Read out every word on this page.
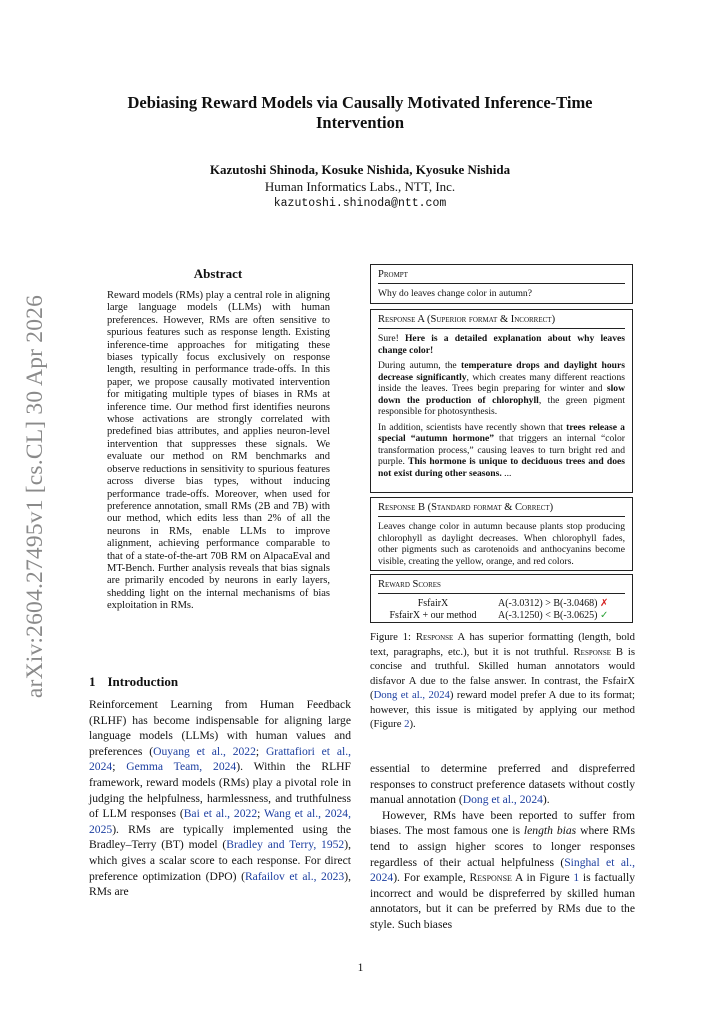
arXiv:2604.27495v1 [cs.CL] 30 Apr 2026
Debiasing Reward Models via Causally Motivated Inference-Time Intervention
Kazutoshi Shinoda, Kosuke Nishida, Kyosuke Nishida
Human Informatics Labs., NTT, Inc.
kazutoshi.shinoda@ntt.com
Abstract
Reward models (RMs) play a central role in aligning large language models (LLMs) with human preferences. However, RMs are often sensitive to spurious features such as response length. Existing inference-time approaches for mitigating these biases typically focus exclusively on response length, resulting in performance trade-offs. In this paper, we propose causally motivated intervention for mitigating multiple types of biases in RMs at inference time. Our method first identifies neurons whose activations are strongly correlated with predefined bias attributes, and applies neuron-level intervention that suppresses these signals. We evaluate our method on RM benchmarks and observe reductions in sensitivity to spurious features across diverse bias types, without inducing performance trade-offs. Moreover, when used for preference annotation, small RMs (2B and 7B) with our method, which edits less than 2% of all the neurons in RMs, enable LLMs to improve alignment, achieving performance comparable to that of a state-of-the-art 70B RM on AlpacaEval and MT-Bench. Further analysis reveals that bias signals are primarily encoded by neurons in early layers, shedding light on the internal mechanisms of bias exploitation in RMs.
1 Introduction
Reinforcement Learning from Human Feedback (RLHF) has become indispensable for aligning large language models (LLMs) with human values and preferences (Ouyang et al., 2022; Grattafiori et al., 2024; Gemma Team, 2024). Within the RLHF framework, reward models (RMs) play a pivotal role in judging the helpfulness, harmlessness, and truthfulness of LLM responses (Bai et al., 2022; Wang et al., 2024, 2025). RMs are typically implemented using the Bradley–Terry (BT) model (Bradley and Terry, 1952), which gives a scalar score to each response. For direct preference optimization (DPO) (Rafailov et al., 2023), RMs are
Prompt
Why do leaves change color in autumn?
Response A (Superior format & Incorrect)

Sure! Here is a detailed explanation about why leaves change color!

During autumn, the temperature drops and daylight hours decrease significantly, which creates many different reactions inside the leaves. Trees begin preparing for winter and slow down the production of chlorophyll, the green pigment responsible for photosynthesis.

In addition, scientists have recently shown that trees release a special “autumn hormone” that triggers an internal “color transformation process,” causing leaves to turn bright red and purple. This hormone is unique to deciduous trees and does not exist during other seasons. ...

Response B (Standard format & Correct)
Leaves change color in autumn because plants stop producing chlorophyll as daylight decreases. When chlorophyll fades, other pigments such as carotenoids and anthocyanins become visible, creating the yellow, orange, and red colors.
Reward Scores
FsfairX	A(-3.0312) > B(-3.0468) ✗
FsfairX + our method	A(-3.1250) < B(-3.0625) ✓
Figure 1: Response A has superior formatting (length, bold text, paragraphs, etc.), but it is not truthful. Response B is concise and truthful. Skilled human annotators would disfavor A due to the false answer. In contrast, the FsfairX (Dong et al., 2024) reward model prefer A due to its format; however, this issue is mitigated by applying our method (Figure 2).

essential to determine preferred and dispreferred responses to construct preference datasets without costly manual annotation (Dong et al., 2024).

However, RMs have been reported to suffer from biases. The most famous one is length bias where RMs tend to assign higher scores to longer responses regardless of their actual helpfulness (Singhal et al., 2024). For example, Response A in Figure 1 is factually incorrect and would be dispreferred by skilled human annotators, but it can be preferred by RMs due to the style. Such biases

1
